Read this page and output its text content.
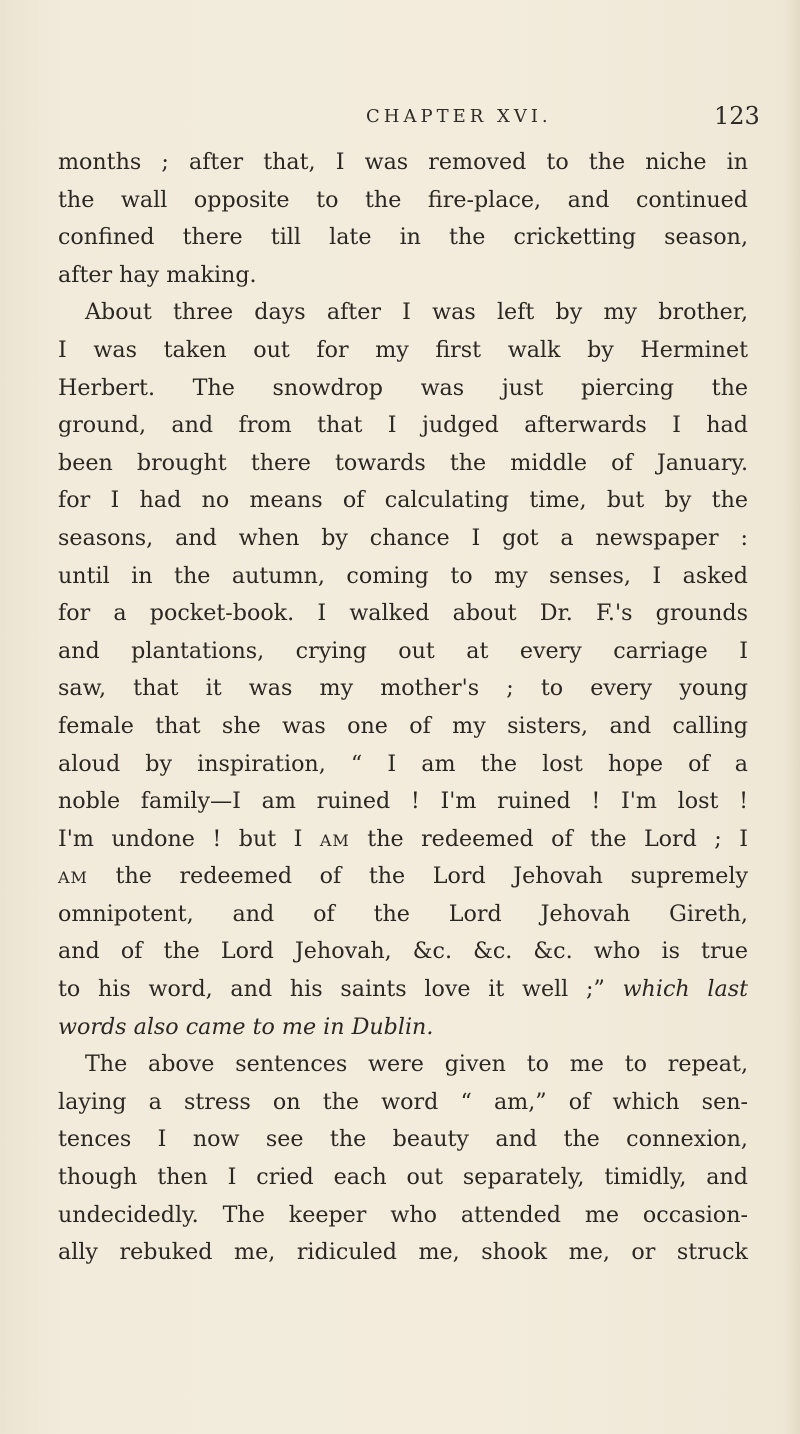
CHAPTER XVI.	123
months ; after that, I was removed to the niche in
the wall opposite to the fire-place, and continued
confined there till late in the cricketting season,
after hay making.
About three days after I was left by my brother,
I was taken out for my first walk by Herminet
Herbert. The snowdrop was just piercing the
ground, and from that I judged afterwards I had
been brought there towards the middle of January.
for I had no means of calculating time, but by the
seasons, and when by chance I got a newspaper :
until in the autumn, coming to my senses, I asked
for a pocket-book. I walked about Dr. F.'s grounds
and plantations, crying out at every carriage I
saw, that it was my mother's ; to every young
female that she was one of my sisters, and calling
aloud by inspiration, “ I am the lost hope of a
noble family—I am ruined ! I'm ruined ! I'm lost !
I'm undone ! but I AM the redeemed of the Lord ; I
AM the redeemed of the Lord Jehovah supremely
omnipotent, and of the Lord Jehovah Gireth,
and of the Lord Jehovah, &c. &c. &c. who is true
to his word, and his saints love it well ;” which last
words also came to me in Dublin.
The above sentences were given to me to repeat,
laying a stress on the word “ am,” of which sen-
tences I now see the beauty and the connexion,
though then I cried each out separately, timidly, and
undecidedly. The keeper who attended me occasion-
ally rebuked me, ridiculed me, shook me, or struck
